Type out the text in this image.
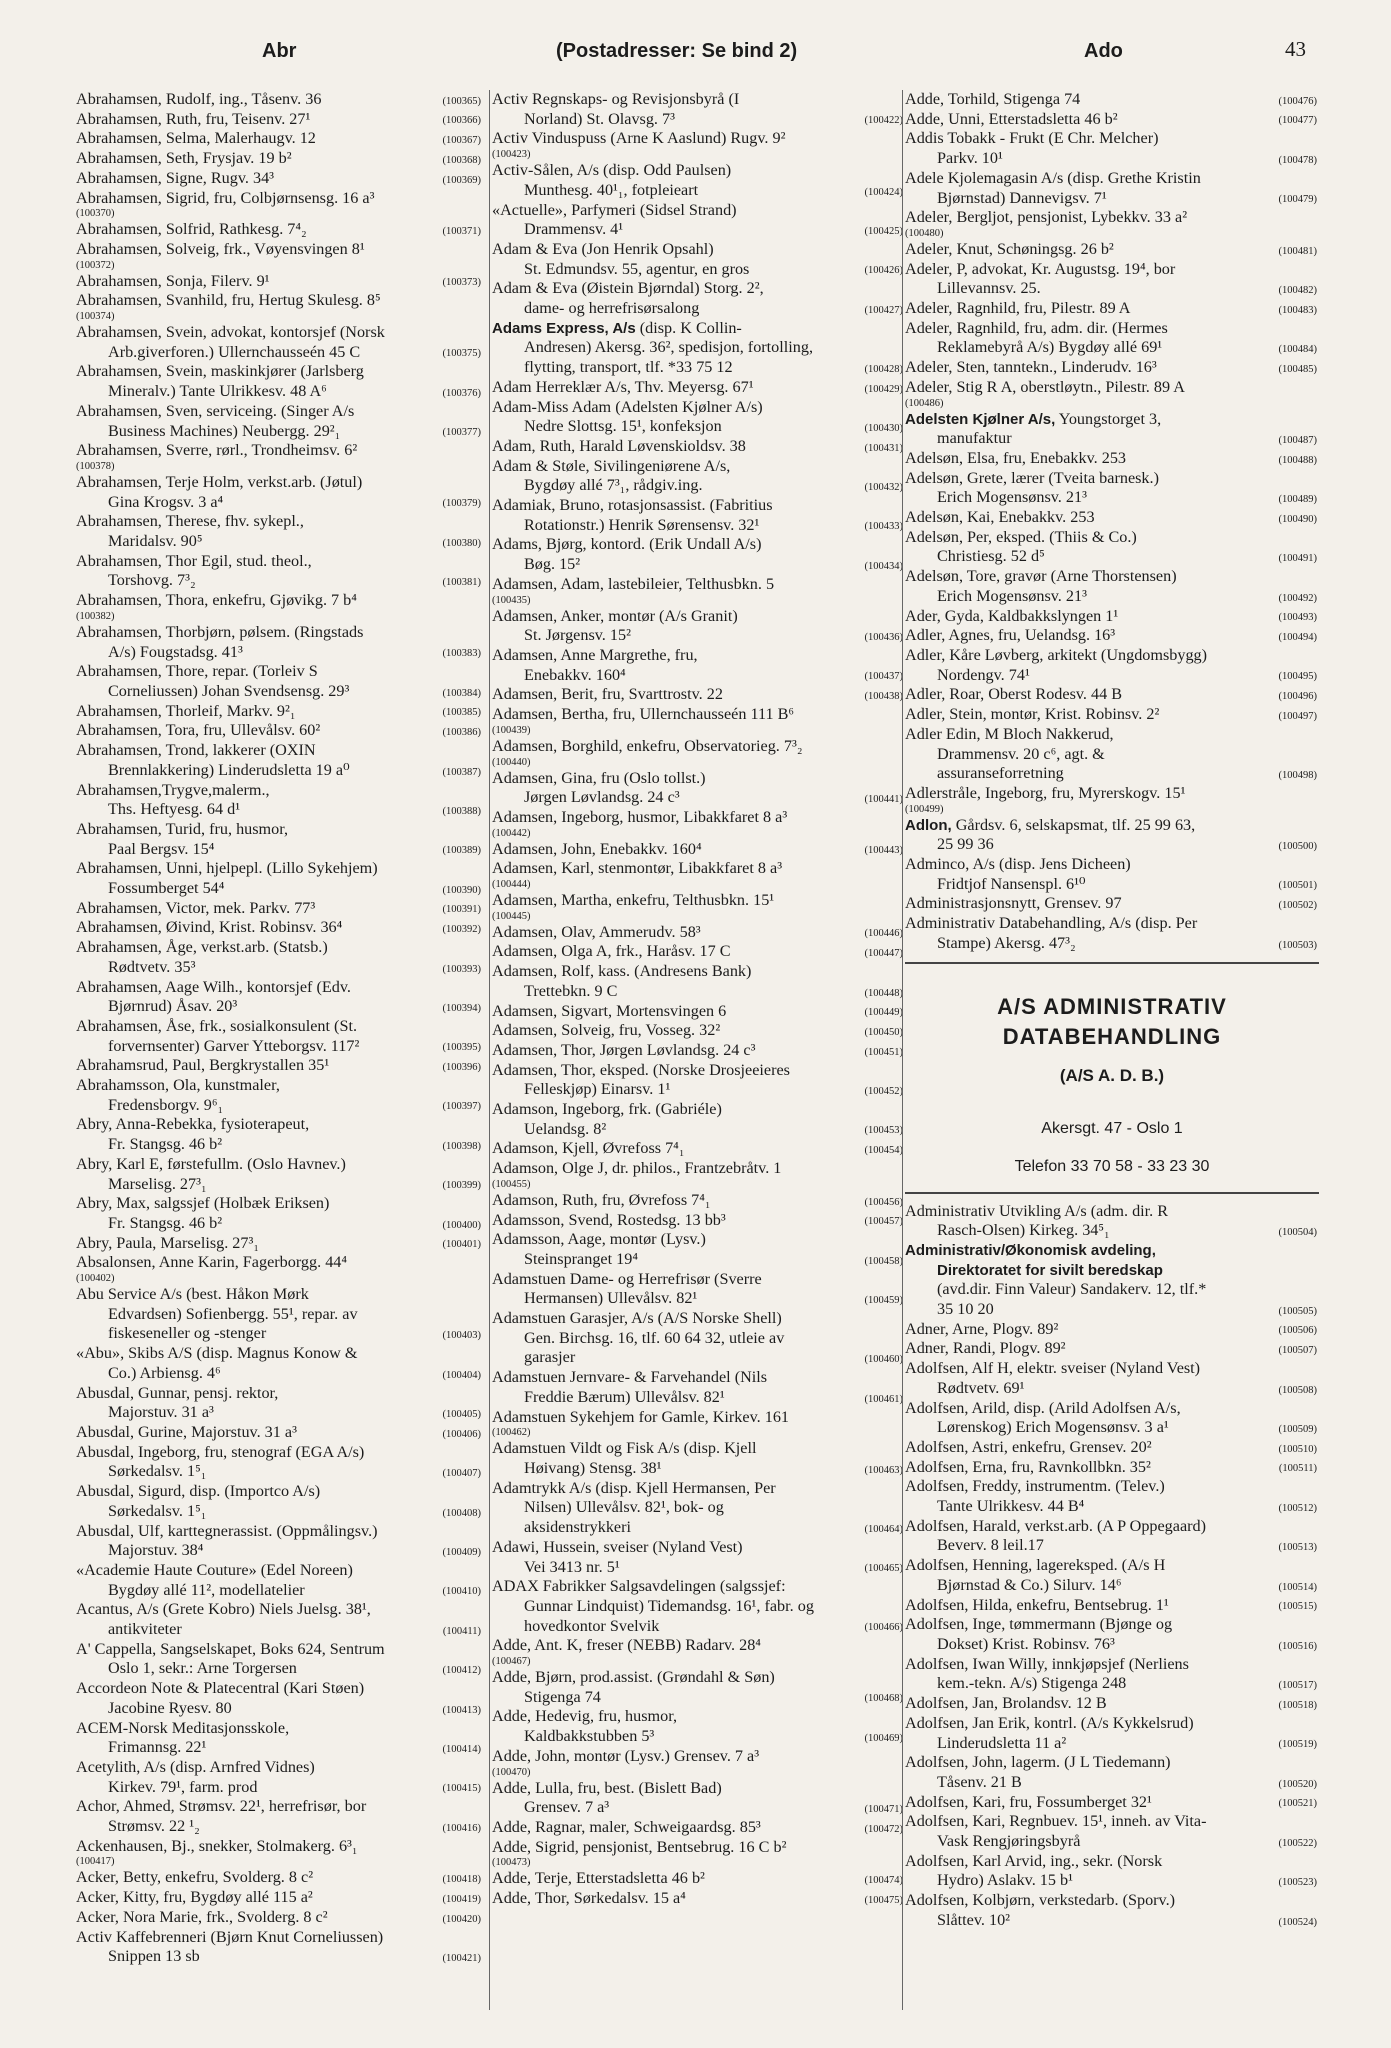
Abr	(Postadresser: Se bind 2)	Ado	43
Abrahamsen, Rudolf, ing., Tåsenv. 36	(100365)
Abrahamsen, Ruth, fru, Teisenv. 27¹	(100366)
Abrahamsen, Selma, Malerhaugv. 12	(100367)
Abrahamsen, Seth, Frysjav. 19 b²	(100368)
Abrahamsen, Signe, Rugv. 34³	(100369)
Abrahamsen, Sigrid, fru, Colbjørnsensg. 16 a³
(100370)
Abrahamsen, Solfrid, Rathkesg. 7⁴₂	(100371)
Abrahamsen, Solveig, frk., Vøyensvingen 8¹
(100372)
Abrahamsen, Sonja, Filerv. 9¹	(100373)
Abrahamsen, Svanhild, fru, Hertug Skulesg. 8⁵
(100374)
Abrahamsen, Svein, advokat, kontorsjef (Norsk
Arb.giverforen.) Ullernchausseén 45 C	(100375)
Abrahamsen, Svein, maskinkjører (Jarlsberg
Mineralv.) Tante Ulrikkesv. 48 A⁶	(100376)
Abrahamsen, Sven, serviceing. (Singer A/s
Business Machines) Neubergg. 29²₁	(100377)
Abrahamsen, Sverre, rørl., Trondheimsv. 6²
(100378)
Abrahamsen, Terje Holm, verkst.arb. (Jøtul)
Gina Krogsv. 3 a⁴	(100379)
Abrahamsen, Therese, fhv. sykepl.,
Maridalsv. 90⁵	(100380)
Abrahamsen, Thor Egil, stud. theol.,
Torshovg. 7³₂	(100381)
Abrahamsen, Thora, enkefru, Gjøvikg. 7 b⁴
(100382)
Abrahamsen, Thorbjørn, pølsem. (Ringstads
A/s) Fougstadsg. 41³	(100383)
Abrahamsen, Thore, repar. (Torleiv S
Corneliussen) Johan Svendsensg. 29³	(100384)
Abrahamsen, Thorleif, Markv. 9²₁	(100385)
Abrahamsen, Tora, fru, Ullevålsv. 60²	(100386)
Abrahamsen, Trond, lakkerer (OXIN
Brennlakkering) Linderudsletta 19 a⁰	(100387)
Abrahamsen,Trygve,malerm.,
Ths. Heftyesg. 64 d¹	(100388)
Abrahamsen, Turid, fru, husmor,
Paal Bergsv. 15⁴	(100389)
Abrahamsen, Unni, hjelpepl. (Lillo Sykehjem)
Fossumberget 54⁴	(100390)
Abrahamsen, Victor, mek. Parkv. 77³	(100391)
Abrahamsen, Øivind, Krist. Robinsv. 36⁴	(100392)
Abrahamsen, Åge, verkst.arb. (Statsb.)
Rødtvetv. 35³	(100393)
Abrahamsen, Aage Wilh., kontorsjef (Edv.
Bjørnrud) Åsav. 20³	(100394)
Abrahamsen, Åse, frk., sosialkonsulent (St.
forvernsenter) Garver Ytteborgsv. 117²	(100395)
Abrahamsrud, Paul, Bergkrystallen 35¹	(100396)
Abrahamsson, Ola, kunstmaler,
Fredensborgv. 9⁶₁	(100397)
Abry, Anna-Rebekka, fysioterapeut,
Fr. Stangsg. 46 b²	(100398)
Abry, Karl E, førstefullm. (Oslo Havnev.)
Marselisg. 27³₁	(100399)
Abry, Max, salgssjef (Holbæk Eriksen)
Fr. Stangsg. 46 b²	(100400)
Abry, Paula, Marselisg. 27³₁	(100401)
Absalonsen, Anne Karin, Fagerborgg. 44⁴
(100402)
Abu Service A/s (best. Håkon Mørk
Edvardsen) Sofienbergg. 55¹, repar. av
fiskeseneller og -stenger	(100403)
«Abu», Skibs A/S (disp. Magnus Konow &
Co.) Arbiensg. 4⁶	(100404)
Abusdal, Gunnar, pensj. rektor,
Majorstuv. 31 a³	(100405)
Abusdal, Gurine, Majorstuv. 31 a³	(100406)
Abusdal, Ingeborg, fru, stenograf (EGA A/s)
Sørkedalsv. 1⁵₁	(100407)
Abusdal, Sigurd, disp. (Importco A/s)
Sørkedalsv. 1⁵₁	(100408)
Abusdal, Ulf, karttegnerassist. (Oppmålingsv.)
Majorstuv. 38⁴	(100409)
«Academie Haute Couture» (Edel Noreen)
Bygdøy allé 11², modellatelier	(100410)
Acantus, A/s (Grete Kobro) Niels Juelsg. 38¹,
antikviteter	(100411)
A' Cappella, Sangselskapet, Boks 624, Sentrum
Oslo 1, sekr.: Arne Torgersen	(100412)
Accordeon Note & Platecentral (Kari Støen)
Jacobine Ryesv. 80	(100413)
ACEM-Norsk Meditasjonsskole,
Frimannsg. 22¹	(100414)
Acetylith, A/s (disp. Arnfred Vidnes)
Kirkev. 79¹, farm. prod	(100415)
Achor, Ahmed, Strømsv. 22¹, herrefrisør, bor
Strømsv. 22 ¹₂	(100416)
Ackenhausen, Bj., snekker, Stolmakerg. 6³₁
(100417)
Acker, Betty, enkefru, Svolderg. 8 c²	(100418)
Acker, Kitty, fru, Bygdøy allé 115 a²	(100419)
Acker, Nora Marie, frk., Svolderg. 8 c²	(100420)
Activ Kaffebrenneri (Bjørn Knut Corneliussen)
Snippen 13 sb	(100421)
Activ Regnskaps- og Revisjonsbyrå (I
Norland) St. Olavsg. 7³	(100422)
Activ Vinduspuss (Arne K Aaslund) Rugv. 9²
(100423)
Activ-Sålen, A/s (disp. Odd Paulsen)
Munthesg. 40¹₁, fotpleieart	(100424)
«Actuelle», Parfymeri (Sidsel Strand)
Drammensv. 4¹	(100425)
Adam & Eva (Jon Henrik Opsahl)
St. Edmundsv. 55, agentur, en gros	(100426)
Adam & Eva (Øistein Bjørndal) Storg. 2²,
dame- og herrefrisørsalong	(100427)
Adams Express, A/s (disp. K Collin-
Andresen) Akersg. 36², spedisjon, fortolling,
flytting, transport, tlf. *33 75 12	(100428)
Adam Herreklær A/s, Thv. Meyersg. 67¹	(100429)
Adam-Miss Adam (Adelsten Kjølner A/s)
Nedre Slottsg. 15¹, konfeksjon	(100430)
Adam, Ruth, Harald Løvenskioldsv. 38	(100431)
Adam & Støle, Sivilingeniørene A/s,
Bygdøy allé 7³₁, rådgiv.ing.	(100432)
Adamiak, Bruno, rotasjonsassist. (Fabritius
Rotationstr.) Henrik Sørensensv. 32¹	(100433)
Adams, Bjørg, kontord. (Erik Undall A/s)
Bøg. 15²	(100434)
Adamsen, Adam, lastebileier, Telthusbkn. 5
(100435)
Adamsen, Anker, montør (A/s Granit)
St. Jørgensv. 15²	(100436)
Adamsen, Anne Margrethe, fru,
Enebakkv. 160⁴	(100437)
Adamsen, Berit, fru, Svarttrostv. 22	(100438)
Adamsen, Bertha, fru, Ullernchausseén 111 B⁶
(100439)
Adamsen, Borghild, enkefru, Observatorieg. 7³₂
(100440)
Adamsen, Gina, fru (Oslo tollst.)
Jørgen Løvlandsg. 24 c³	(100441)
Adamsen, Ingeborg, husmor, Libakkfaret 8 a³
(100442)
Adamsen, John, Enebakkv. 160⁴	(100443)
Adamsen, Karl, stenmontør, Libakkfaret 8 a³
(100444)
Adamsen, Martha, enkefru, Telthusbkn. 15¹
(100445)
Adamsen, Olav, Ammerudv. 58³	(100446)
Adamsen, Olga A, frk., Haråsv. 17 C	(100447)
Adamsen, Rolf, kass. (Andresens Bank)
Trettebkn. 9 C	(100448)
Adamsen, Sigvart, Mortensvingen 6	(100449)
Adamsen, Solveig, fru, Vosseg. 32²	(100450)
Adamsen, Thor, Jørgen Løvlandsg. 24 c³	(100451)
Adamsen, Thor, eksped. (Norske Drosjeeieres
Felleskjøp) Einarsv. 1¹	(100452)
Adamson, Ingeborg, frk. (Gabriéle)
Uelandsg. 8²	(100453)
Adamson, Kjell, Øvrefoss 7⁴₁	(100454)
Adamson, Olge J, dr. philos., Frantzebråtv. 1
(100455)
Adamson, Ruth, fru, Øvrefoss 7⁴₁	(100456)
Adamsson, Svend, Rostedsg. 13 bb³	(100457)
Adamsson, Aage, montør (Lysv.)
Steinspranget 19⁴	(100458)
Adamstuen Dame- og Herrefrisør (Sverre
Hermansen) Ullevålsv. 82¹	(100459)
Adamstuen Garasjer, A/s (A/S Norske Shell)
Gen. Birchsg. 16, tlf. 60 64 32, utleie av
garasjer	(100460)
Adamstuen Jernvare- & Farvehandel (Nils
Freddie Bærum) Ullevålsv. 82¹	(100461)
Adamstuen Sykehjem for Gamle, Kirkev. 161
(100462)
Adamstuen Vildt og Fisk A/s (disp. Kjell
Høivang) Stensg. 38¹	(100463)
Adamtrykk A/s (disp. Kjell Hermansen, Per
Nilsen) Ullevålsv. 82¹, bok- og
aksidenstrykkeri	(100464)
Adawi, Hussein, sveiser (Nyland Vest)
Vei 3413 nr. 5¹	(100465)
ADAX Fabrikker Salgsavdelingen (salgssjef:
Gunnar Lindquist) Tidemandsg. 16¹, fabr. og
hovedkontor Svelvik	(100466)
Adde, Ant. K, freser (NEBB) Radarv. 28⁴
(100467)
Adde, Bjørn, prod.assist. (Grøndahl & Søn)
Stigenga 74	(100468)
Adde, Hedevig, fru, husmor,
Kaldbakkstubben 5³	(100469)
Adde, John, montør (Lysv.) Grensev. 7 a³
(100470)
Adde, Lulla, fru, best. (Bislett Bad)
Grensev. 7 a³	(100471)
Adde, Ragnar, maler, Schweigaardsg. 85³	(100472)
Adde, Sigrid, pensjonist, Bentsebrug. 16 C b²
(100473)
Adde, Terje, Etterstadsletta 46 b²	(100474)
Adde, Thor, Sørkedalsv. 15 a⁴	(100475)
Adde, Torhild, Stigenga 74	(100476)
Adde, Unni, Etterstadsletta 46 b²	(100477)
Addis Tobakk - Frukt (E Chr. Melcher)
Parkv. 10¹	(100478)
Adele Kjolemagasin A/s (disp. Grethe Kristin
Bjørnstad) Dannevigsv. 7¹	(100479)
Adeler, Bergljot, pensjonist, Lybekkv. 33 a²
(100480)
Adeler, Knut, Schøningsg. 26 b²	(100481)
Adeler, P, advokat, Kr. Augustsg. 19⁴, bor
Lillevannsv. 25.	(100482)
Adeler, Ragnhild, fru, Pilestr. 89 A	(100483)
Adeler, Ragnhild, fru, adm. dir. (Hermes
Reklamebyrå A/s) Bygdøy allé 69¹	(100484)
Adeler, Sten, tanntekn., Linderudv. 16³	(100485)
Adeler, Stig R A, oberstløytn., Pilestr. 89 A
(100486)
Adelsten Kjølner A/s, Youngstorget 3,
manufaktur	(100487)
Adelsøn, Elsa, fru, Enebakkv. 253	(100488)
Adelsøn, Grete, lærer (Tveita barnesk.)
Erich Mogensønsv. 21³	(100489)
Adelsøn, Kai, Enebakkv. 253	(100490)
Adelsøn, Per, eksped. (Thiis & Co.)
Christiesg. 52 d⁵	(100491)
Adelsøn, Tore, gravør (Arne Thorstensen)
Erich Mogensønsv. 21³	(100492)
Ader, Gyda, Kaldbakkslyngen 1¹	(100493)
Adler, Agnes, fru, Uelandsg. 16³	(100494)
Adler, Kåre Løvberg, arkitekt (Ungdomsbygg)
Nordengv. 74¹	(100495)
Adler, Roar, Oberst Rodesv. 44 B	(100496)
Adler, Stein, montør, Krist. Robinsv. 2²	(100497)
Adler Edin, M Bloch Nakkerud,
Drammensv. 20 c⁶, agt. &
assuranseforretning	(100498)
Adlerstråle, Ingeborg, fru, Myrerskogv. 15¹
(100499)
Adlon, Gårdsv. 6, selskapsmat, tlf. 25 99 63,
25 99 36	(100500)
Adminco, A/s (disp. Jens Dicheen)
Fridtjof Nansenspl. 6¹⁰	(100501)
Administrasjonsnytt, Grensev. 97	(100502)
Administrativ Databehandling, A/s (disp. Per
Stampe) Akersg. 47³₂	(100503)
A/S ADMINISTRATIV
DATABEHANDLING
(A/S A. D. B.)
Akersgt. 47 - Oslo 1
Telefon 33 70 58 - 33 23 30
Administrativ Utvikling A/s (adm. dir. R
Rasch-Olsen) Kirkeg. 34⁵₁	(100504)
Administrativ/Økonomisk avdeling,
Direktoratet for sivilt beredskap
(avd.dir. Finn Valeur) Sandakerv. 12, tlf.*
35 10 20	(100505)
Adner, Arne, Plogv. 89²	(100506)
Adner, Randi, Plogv. 89²	(100507)
Adolfsen, Alf H, elektr. sveiser (Nyland Vest)
Rødtvetv. 69¹	(100508)
Adolfsen, Arild, disp. (Arild Adolfsen A/s,
Lørenskog) Erich Mogensønsv. 3 a¹	(100509)
Adolfsen, Astri, enkefru, Grensev. 20²	(100510)
Adolfsen, Erna, fru, Ravnkollbkn. 35²	(100511)
Adolfsen, Freddy, instrumentm. (Telev.)
Tante Ulrikkesv. 44 B⁴	(100512)
Adolfsen, Harald, verkst.arb. (A P Oppegaard)
Beverv. 8 leil.17	(100513)
Adolfsen, Henning, lagereksped. (A/s H
Bjørnstad & Co.) Silurv. 14⁶	(100514)
Adolfsen, Hilda, enkefru, Bentsebrug. 1¹	(100515)
Adolfsen, Inge, tømmermann (Bjønge og
Dokset) Krist. Robinsv. 76³	(100516)
Adolfsen, Iwan Willy, innkjøpsjef (Nerliens
kem.-tekn. A/s) Stigenga 248	(100517)
Adolfsen, Jan, Brolandsv. 12 B	(100518)
Adolfsen, Jan Erik, kontrl. (A/s Kykkelsrud)
Linderudsletta 11 a²	(100519)
Adolfsen, John, lagerm. (J L Tiedemann)
Tåsenv. 21 B	(100520)
Adolfsen, Kari, fru, Fossumberget 32¹	(100521)
Adolfsen, Kari, Regnbuev. 15¹, inneh. av Vita-
Vask Rengjøringsbyrå	(100522)
Adolfsen, Karl Arvid, ing., sekr. (Norsk
Hydro) Aslakv. 15 b¹	(100523)
Adolfsen, Kolbjørn, verkstedarb. (Sporv.)
Slåttev. 10²	(100524)
